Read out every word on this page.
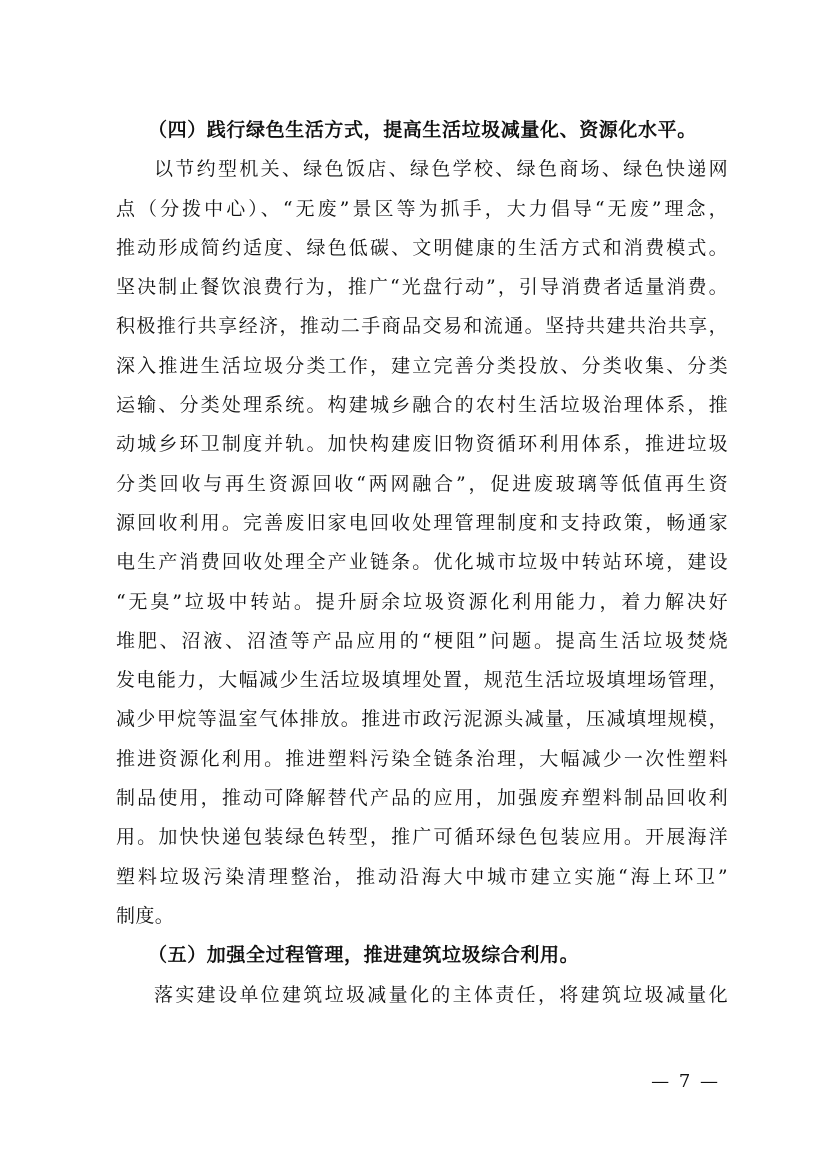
（四）践行绿色生活方式，提高生活垃圾减量化、资源化水平。
以节约型机关、绿色饭店、绿色学校、绿色商场、绿色快递网
点（分拨中心）、“无废”景区等为抓手，大力倡导“无废”理念，
推动形成简约适度、绿色低碳、文明健康的生活方式和消费模式。
坚决制止餐饮浪费行为，推广“光盘行动”，引导消费者适量消费。
积极推行共享经济，推动二手商品交易和流通。坚持共建共治共享，
深入推进生活垃圾分类工作，建立完善分类投放、分类收集、分类
运输、分类处理系统。构建城乡融合的农村生活垃圾治理体系，推
动城乡环卫制度并轨。加快构建废旧物资循环利用体系，推进垃圾
分类回收与再生资源回收“两网融合”，促进废玻璃等低值再生资
源回收利用。完善废旧家电回收处理管理制度和支持政策，畅通家
电生产消费回收处理全产业链条。优化城市垃圾中转站环境，建设
“无臭”垃圾中转站。提升厨余垃圾资源化利用能力，着力解决好
堆肥、沼液、沼渣等产品应用的“梗阻”问题。提高生活垃圾焚烧
发电能力，大幅减少生活垃圾填埋处置，规范生活垃圾填埋场管理，
减少甲烷等温室气体排放。推进市政污泥源头减量，压减填埋规模，
推进资源化利用。推进塑料污染全链条治理，大幅减少一次性塑料
制品使用，推动可降解替代产品的应用，加强废弃塑料制品回收利
用。加快快递包装绿色转型，推广可循环绿色包装应用。开展海洋
塑料垃圾污染清理整治，推动沿海大中城市建立实施“海上环卫”
制度。
（五）加强全过程管理，推进建筑垃圾综合利用。
落实建设单位建筑垃圾减量化的主体责任，将建筑垃圾减量化
— 7 —
